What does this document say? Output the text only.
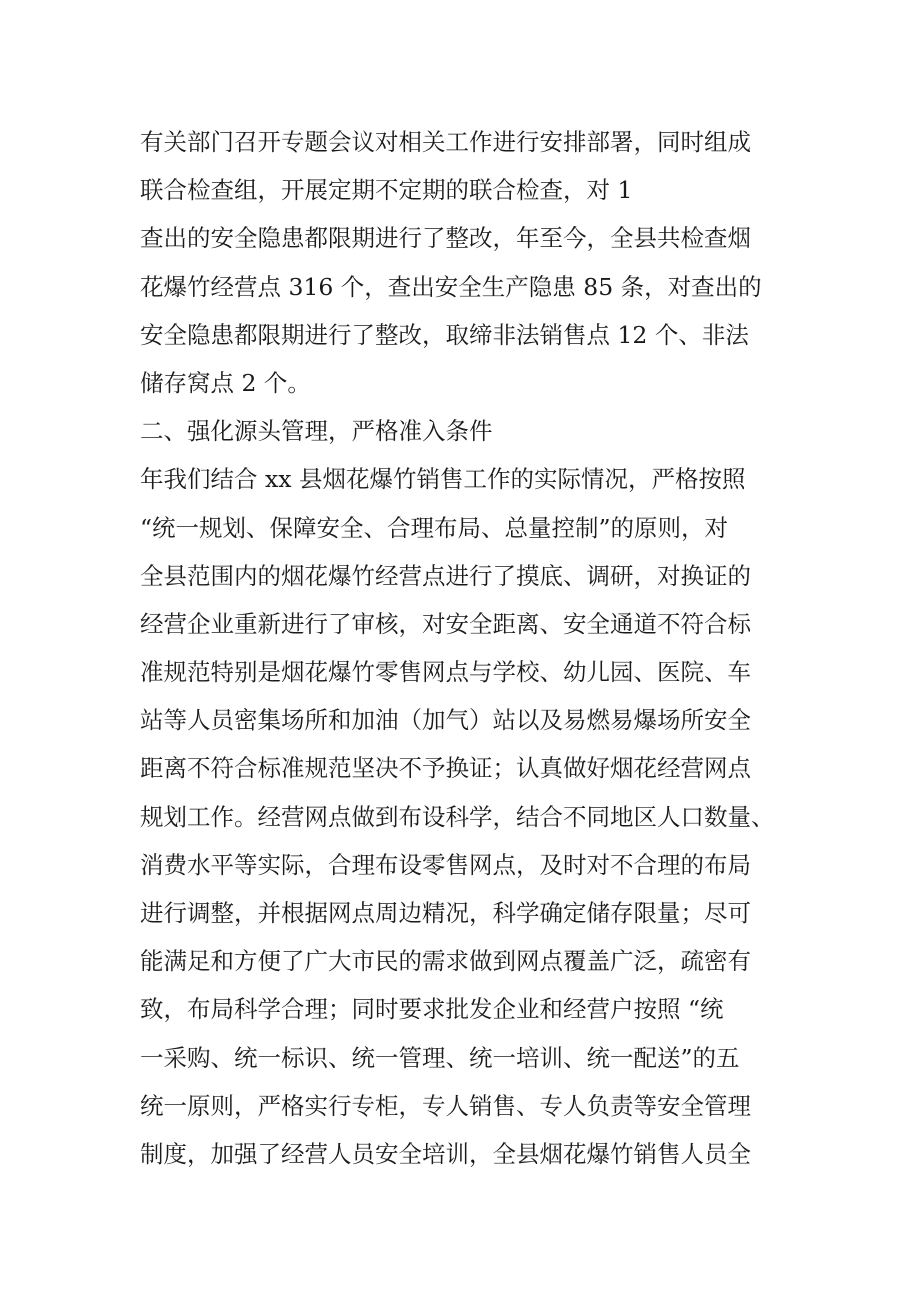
有关部门召开专题会议对相关工作进行安排部署，同时组成
联合检查组，开展定期不定期的联合检查，对 1
查出的安全隐患都限期进行了整改，年至今，全县共检查烟
花爆竹经营点 316 个，查出安全生产隐患 85 条，对查出的
安全隐患都限期进行了整改，取缔非法销售点 12 个、非法
储存窝点 2 个。
二、强化源头管理，严格准入条件
年我们结合 xx 县烟花爆竹销售工作的实际情况，严格按照
“统一规划、保障安全、合理布局、总量控制”的原则，对
全县范围内的烟花爆竹经营点进行了摸底、调研，对换证的
经营企业重新进行了审核，对安全距离、安全通道不符合标
准规范特别是烟花爆竹零售网点与学校、幼儿园、医院、车
站等人员密集场所和加油（加气）站以及易燃易爆场所安全
距离不符合标准规范坚决不予换证；认真做好烟花经营网点
规划工作。经营网点做到布设科学，结合不同地区人口数量、
消费水平等实际，合理布设零售网点，及时对不合理的布局
进行调整，并根据网点周边精况，科学确定储存限量；尽可
能满足和方便了广大市民的需求做到网点覆盖广泛，疏密有
致，布局科学合理；同时要求批发企业和经营户按照 “统
一采购、统一标识、统一管理、统一培训、统一配送”的五
统一原则，严格实行专柜，专人销售、专人负责等安全管理
制度，加强了经营人员安全培训，全县烟花爆竹销售人员全
